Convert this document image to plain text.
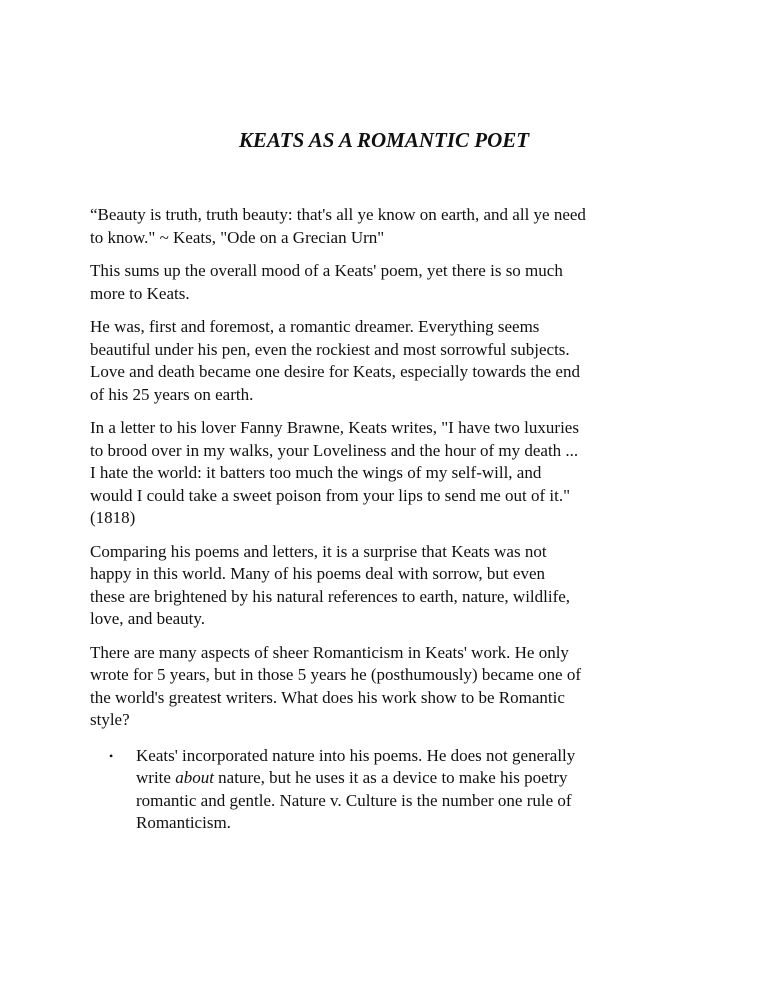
KEATS AS A ROMANTIC POET

“Beauty is truth, truth beauty: that's all ye know on earth, and all ye need
to know." ~ Keats, "Ode on a Grecian Urn"

This sums up the overall mood of a Keats' poem, yet there is so much
more to Keats.

He was, first and foremost, a romantic dreamer. Everything seems
beautiful under his pen, even the rockiest and most sorrowful subjects.
Love and death became one desire for Keats, especially towards the end
of his 25 years on earth.

In a letter to his lover Fanny Brawne, Keats writes, "I have two luxuries
to brood over in my walks, your Loveliness and the hour of my death ...
I hate the world: it batters too much the wings of my self-will, and
would I could take a sweet poison from your lips to send me out of it."
(1818)

Comparing his poems and letters, it is a surprise that Keats was not
happy in this world. Many of his poems deal with sorrow, but even
these are brightened by his natural references to earth, nature, wildlife,
love, and beauty.

There are many aspects of sheer Romanticism in Keats' work. He only
wrote for 5 years, but in those 5 years he (posthumously) became one of
the world's greatest writers. What does his work show to be Romantic
style?

• Keats' incorporated nature into his poems. He does not generally
write about nature, but he uses it as a device to make his poetry
romantic and gentle. Nature v. Culture is the number one rule of
Romanticism.
